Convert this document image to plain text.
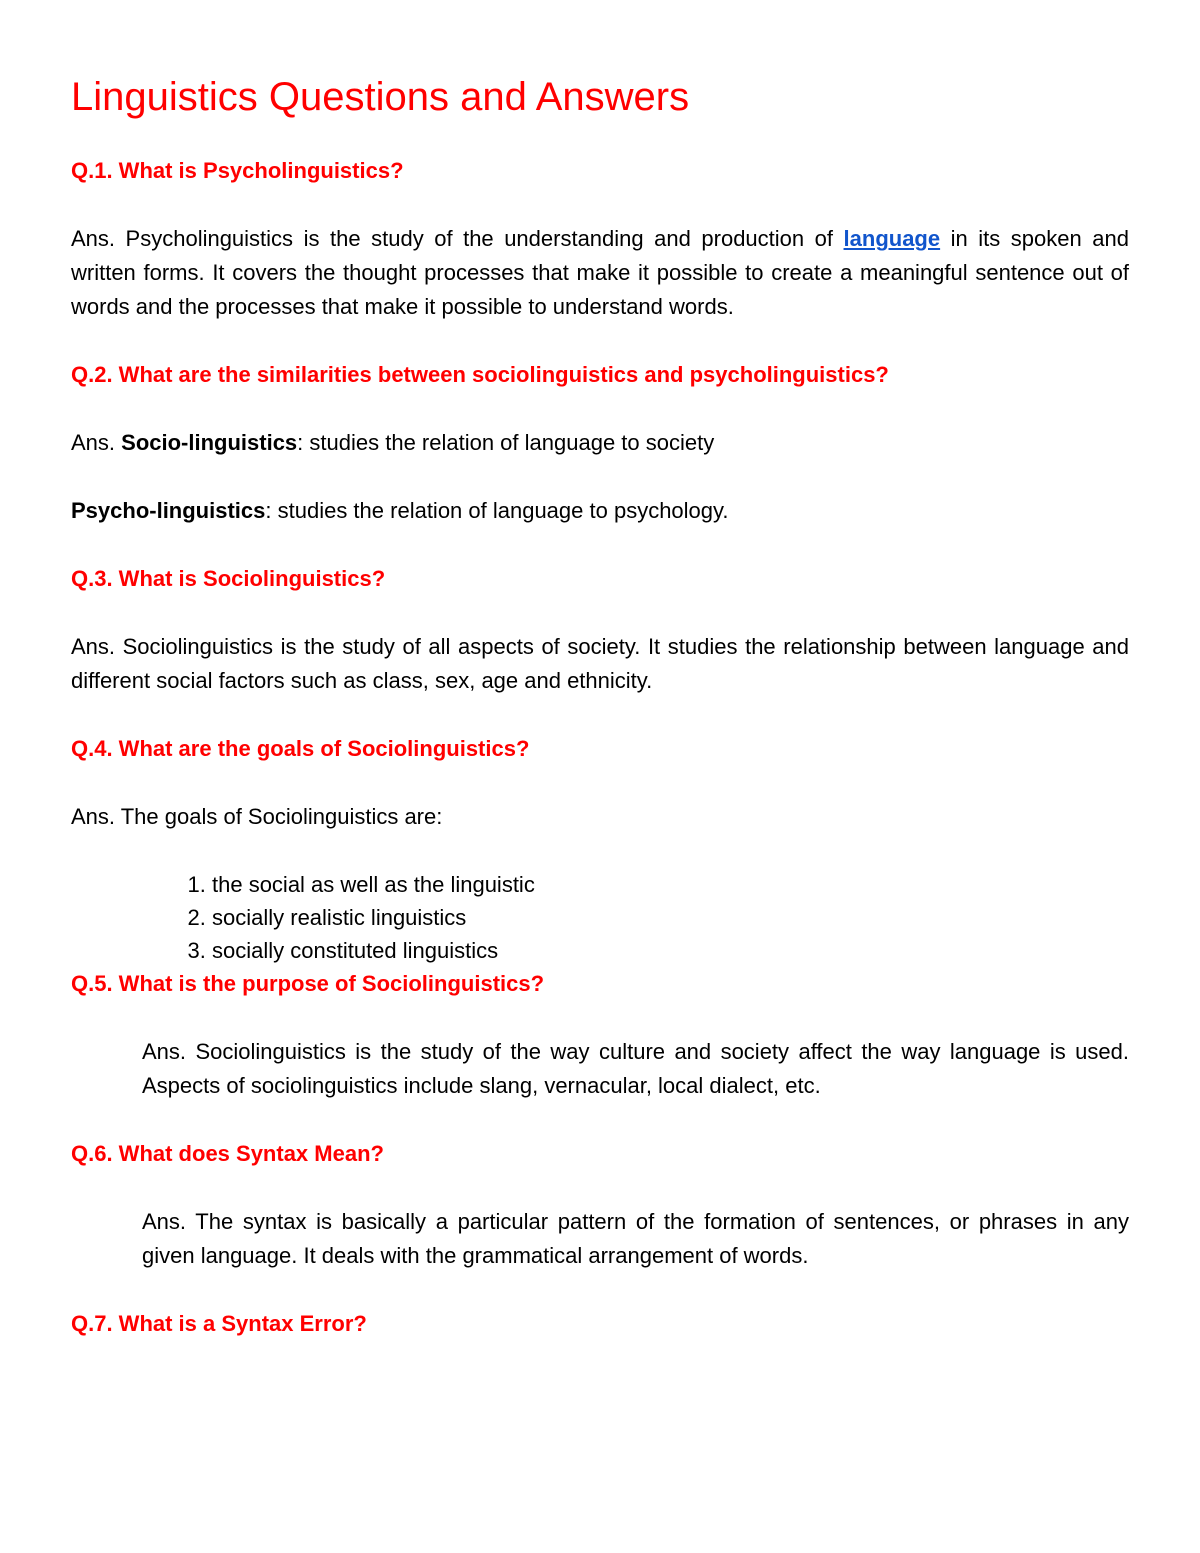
Linguistics Questions and Answers

Q.1. What is Psycholinguistics?

Ans. Psycholinguistics is the study of the understanding and production of language in its spoken and written forms. It covers the thought processes that make it possible to create a meaningful sentence out of words and the processes that make it possible to understand words.

Q.2. What are the similarities between sociolinguistics and psycholinguistics?

Ans. Socio-linguistics: studies the relation of language to society

Psycho-linguistics: studies the relation of language to psychology.

Q.3. What is Sociolinguistics?

Ans. Sociolinguistics is the study of all aspects of society. It studies the relationship between language and different social factors such as class, sex, age and ethnicity.

Q.4. What are the goals of Sociolinguistics?

Ans. The goals of Sociolinguistics are:

1. the social as well as the linguistic
2. socially realistic linguistics
3. socially constituted linguistics

Q.5. What is the purpose of Sociolinguistics?

Ans. Sociolinguistics is the study of the way culture and society affect the way language is used. Aspects of sociolinguistics include slang, vernacular, local dialect, etc.

Q.6. What does Syntax Mean?

Ans. The syntax is basically a particular pattern of the formation of sentences, or phrases in any given language. It deals with the grammatical arrangement of words.

Q.7. What is a Syntax Error?
